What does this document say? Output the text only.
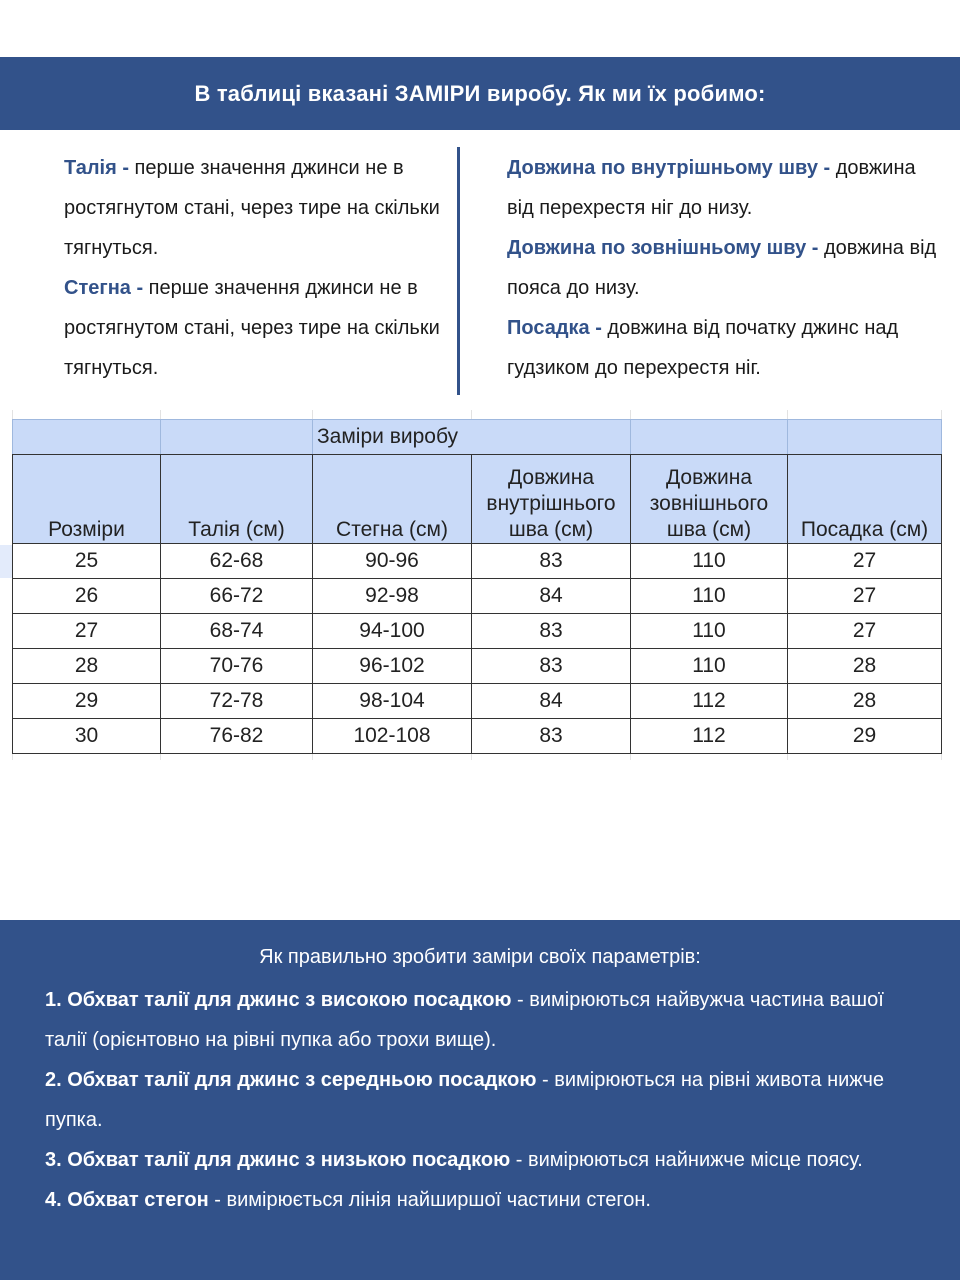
В таблиці вказані ЗАМІРИ виробу. Як ми їх робимо:

Талія - перше значення джинси не в ростягнутом стані, через тире на скільки тягнуться.

Стегна - перше значення джинси не в ростягнутом стані, через тире на скільки тягнуться.

Довжина по внутрішньому шву - довжина від перехрестя ніг до низу.

Довжина по зовнішньому шву - довжина від пояса до низу.

Посадка - довжина від початку джинс над гудзиком до перехрестя ніг.

		Заміри виробу			
Розміри	Талія (см)	Стегна (см)	Довжина внутрішнього шва (см)	Довжина зовнішнього шва (см)	Посадка (см)
25	62-68	90-96	83	110	27
26	66-72	92-98	84	110	27
27	68-74	94-100	83	110	27
28	70-76	96-102	83	110	28
29	72-78	98-104	84	112	28
30	76-82	102-108	83	112	29
Як правильно зробити заміри своїх параметрів:

1. Обхват талії для джинс з високою посадкою - вимірюються найвужча частина вашої талії (орієнтовно на рівні пупка або трохи вище).

2. Обхват талії для джинс з середньою посадкою - вимірюються на рівні живота нижче пупка.

3. Обхват талії для джинс з низькою посадкою - вимірюються найнижче місце поясу.

4. Обхват стегон - вимірюється лінія найширшої частини стегон.
